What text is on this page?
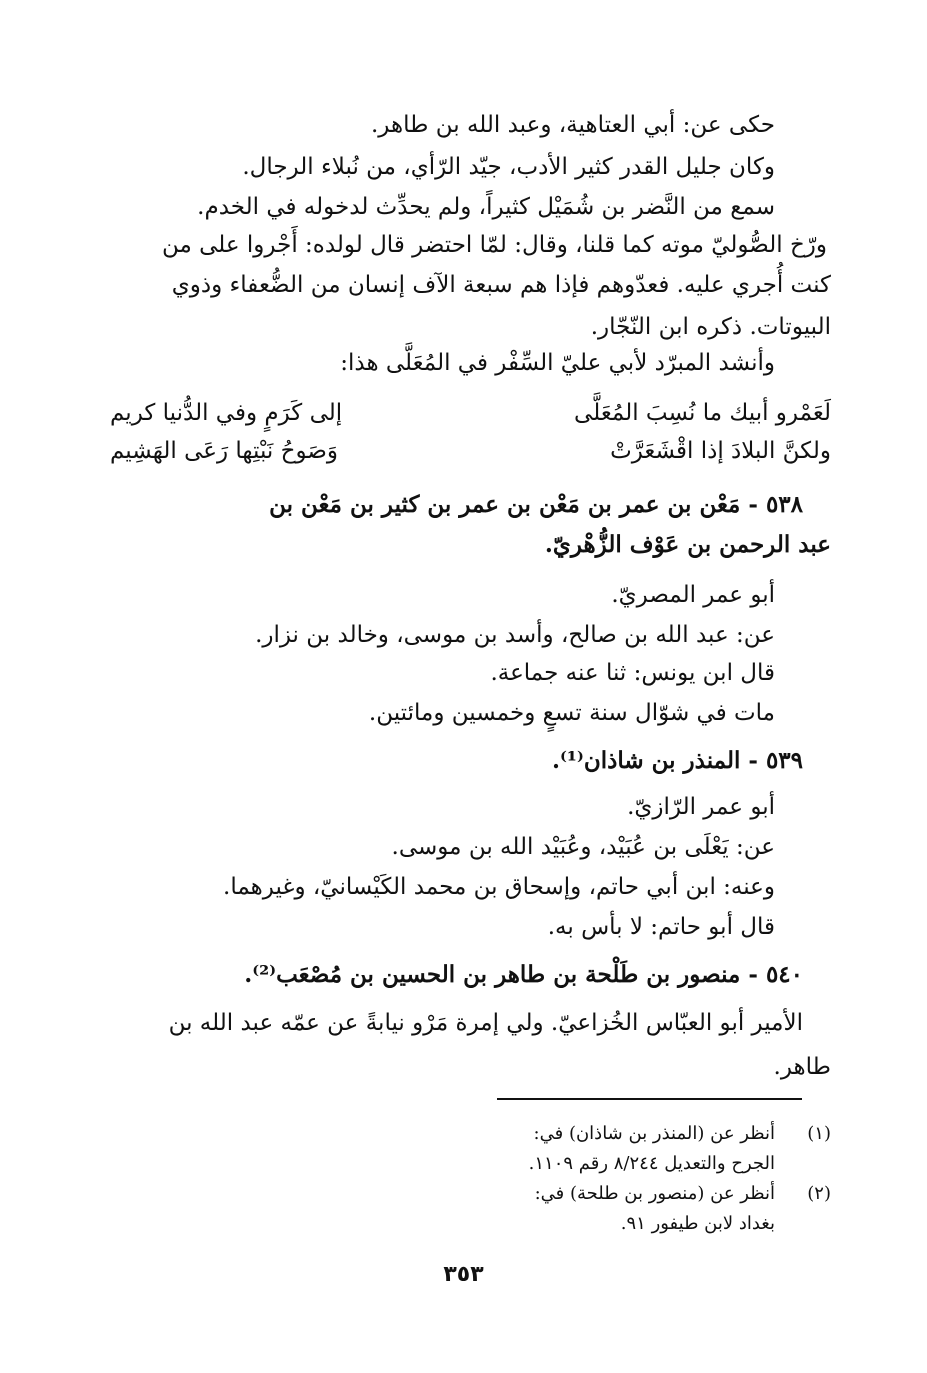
حكى عن: أبي العتاهية، وعبد الله بن طاهر.
وكان جليل القدر كثير الأدب، جيّد الرّأي، من نُبلاء الرجال.
سمع من النَّضر بن شُمَيْل كثيراً، ولم يحدِّث لدخوله في الخدم.
ورّخ الصُّوليّ موته كما قلنا، وقال: لمّا احتضر قال لولده: أَجْروا على من
كنت أُجري عليه. فعدّوهم فإذا هم سبعة الآف إنسان من الضُّعفاء وذوي
البيوتات. ذكره ابن النّجّار.
وأنشد المبرّد لأبي عليّ السِّفْر في المُعَلَّى هذا:
لَعَمْرو أبيك ما نُسِبَ المُعَلَّى
إلى كَرَمٍ وفي الدُّنيا كريم
ولكنَّ البلادَ إذا اقْشَعَرَّتْ
وَصَوحُ نَبْتِها رَعَى الهَشِيم
٥٣٨ - مَعْن بن عمر بن مَعْن بن عمر بن كثير بن مَعْن بن
عبد الرحمن بن عَوْف الزُّهْريّ.
أبو عمر المصريّ.
عن: عبد الله بن صالح، وأسد بن موسى، وخالد بن نزار.
قال ابن يونس: ثنا عنه جماعة.
مات في شوّال سنة تسعٍ وخمسين ومائتين.
٥٣٩ - المنذر بن شاذان⁽¹⁾.
أبو عمر الرّازيّ.
عن: يَعْلَى بن عُبَيْد، وعُبَيْد الله بن موسى.
وعنه: ابن أبي حاتم، وإسحاق بن محمد الكَيْسانيّ، وغيرهما.
قال أبو حاتم: لا بأس به.
٥٤٠ - منصور بن طَلْحة بن طاهر بن الحسين بن مُصْعَب⁽²⁾.
الأمير أبو العبّاس الخُزاعيّ. ولي إمرة مَرْو نيابةً عن عمّه عبد الله بن
طاهر.
(١)
أنظر عن (المنذر بن شاذان) في:
الجرح والتعديل ٨/٢٤٤ رقم ١١٠٩.
(٢)
أنظر عن (منصور بن طلحة) في:
بغداد لابن طيفور ٩١.
٣٥٣
